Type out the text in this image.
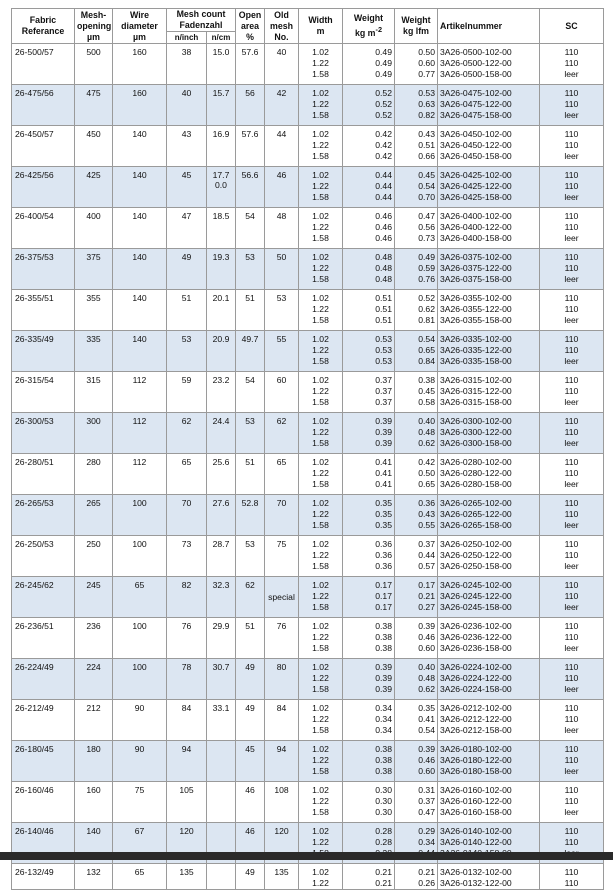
Fabric
Referance	Mesh-
opening
µm	Wire
diameter
µm	Mesh count
Fadenzahl		Open
area
%	Old
mesh
No.	Width
m	Weight
kg $m^{-2}$	Weight
kg lfm	Artikelnummer	SC
			n/inch	n/cm							
26-500/57	500	160	38	15.0	57.6	40	1.02
1.22
1.58	0.49
0.49
0.49	0.50
0.60
0.77	3A26-0500-102-00
3A26-0500-122-00
3A26-0500-158-00	110
110
leer

26-475/56	475	160	40	15.7	56	42	1.02
1.22
1.58	0.52
0.52
0.52	0.53
0.63
0.82	3A26-0475-102-00
3A26-0475-122-00
3A26-0475-158-00	110
110
leer

26-450/57	450	140	43	16.9	57.6	44	1.02
1.22
1.58	0.42
0.42
0.42	0.43
0.51
0.66	3A26-0450-102-00
3A26-0450-122-00
3A26-0450-158-00	110
110
leer

26-425/56	425	140	45	17.7
0.0	56.6	46	1.02
1.22
1.58	0.44
0.44
0.44	0.45
0.54
0.70	3A26-0425-102-00
3A26-0425-122-00
3A26-0425-158-00	110
110
leer

26-400/54	400	140	47	18.5	54	48	1.02
1.22
1.58	0.46
0.46
0.46	0.47
0.56
0.73	3A26-0400-102-00
3A26-0400-122-00
3A26-0400-158-00	110
110
leer

26-375/53	375	140	49	19.3	53	50	1.02
1.22
1.58	0.48
0.48
0.48	0.49
0.59
0.76	3A26-0375-102-00
3A26-0375-122-00
3A26-0375-158-00	110
110
leer

26-355/51	355	140	51	20.1	51	53	1.02
1.22
1.58	0.51
0.51
0.51	0.52
0.62
0.81	3A26-0355-102-00
3A26-0355-122-00
3A26-0355-158-00	110
110
leer

26-335/49	335	140	53	20.9	49.7	55	1.02
1.22
1.58	0.53
0.53
0.53	0.54
0.65
0.84	3A26-0335-102-00
3A26-0335-122-00
3A26-0335-158-00	110
110
leer

26-315/54	315	112	59	23.2	54	60	1.02
1.22
1.58	0.37
0.37
0.37	0.38
0.45
0.58	3A26-0315-102-00
3A26-0315-122-00
3A26-0315-158-00	110
110
leer

26-300/53	300	112	62	24.4	53	62	1.02
1.22
1.58	0.39
0.39
0.39	0.40
0.48
0.62	3A26-0300-102-00
3A26-0300-122-00
3A26-0300-158-00	110
110
leer

26-280/51	280	112	65	25.6	51	65	1.02
1.22
1.58	0.41
0.41
0.41	0.42
0.50
0.65	3A26-0280-102-00
3A26-0280-122-00
3A26-0280-158-00	110
110
leer

26-265/53	265	100	70	27.6	52.8	70	1.02
1.22
1.58	0.35
0.35
0.35	0.36
0.43
0.55	3A26-0265-102-00
3A26-0265-122-00
3A26-0265-158-00	110
110
leer

26-250/53	250	100	73	28.7	53	75	1.02
1.22
1.58	0.36
0.36
0.36	0.37
0.44
0.57	3A26-0250-102-00
3A26-0250-122-00
3A26-0250-158-00	110
110
leer

26-245/62	245	65	82	32.3	62	special	1.02
1.22
1.58	0.17
0.17
0.17	0.17
0.21
0.27	3A26-0245-102-00
3A26-0245-122-00
3A26-0245-158-00	110
110
leer

26-236/51	236	100	76	29.9	51	76	1.02
1.22
1.58	0.38
0.38
0.38	0.39
0.46
0.60	3A26-0236-102-00
3A26-0236-122-00
3A26-0236-158-00	110
110
leer

26-224/49	224	100	78	30.7	49	80	1.02
1.22
1.58	0.39
0.39
0.39	0.40
0.48
0.62	3A26-0224-102-00
3A26-0224-122-00
3A26-0224-158-00	110
110
leer

26-212/49	212	90	84	33.1	49	84	1.02
1.22
1.58	0.34
0.34
0.34	0.35
0.41
0.54	3A26-0212-102-00
3A26-0212-122-00
3A26-0212-158-00	110
110
leer

26-180/45	180	90	94		45	94	1.02
1.22
1.58	0.38
0.38
0.38	0.39
0.46
0.60	3A26-0180-102-00
3A26-0180-122-00
3A26-0180-158-00	110
110
leer

26-160/46	160	75	105		46	108	1.02
1.22
1.58	0.30
0.30
0.30	0.31
0.37
0.47	3A26-0160-102-00
3A26-0160-122-00
3A26-0160-158-00	110
110
leer

26-140/46	140	67	120		46	120	1.02
1.22	0.28
0.28	0.29
0.34	3A26-0140-102-00
3A26-0140-122-00	110
110

26-132/49	132	65	135		49	135	1.02
1.22	0.21
0.21	0.21
0.26	3A26-0132-102-00
3A26-0132-122-00	110
110
